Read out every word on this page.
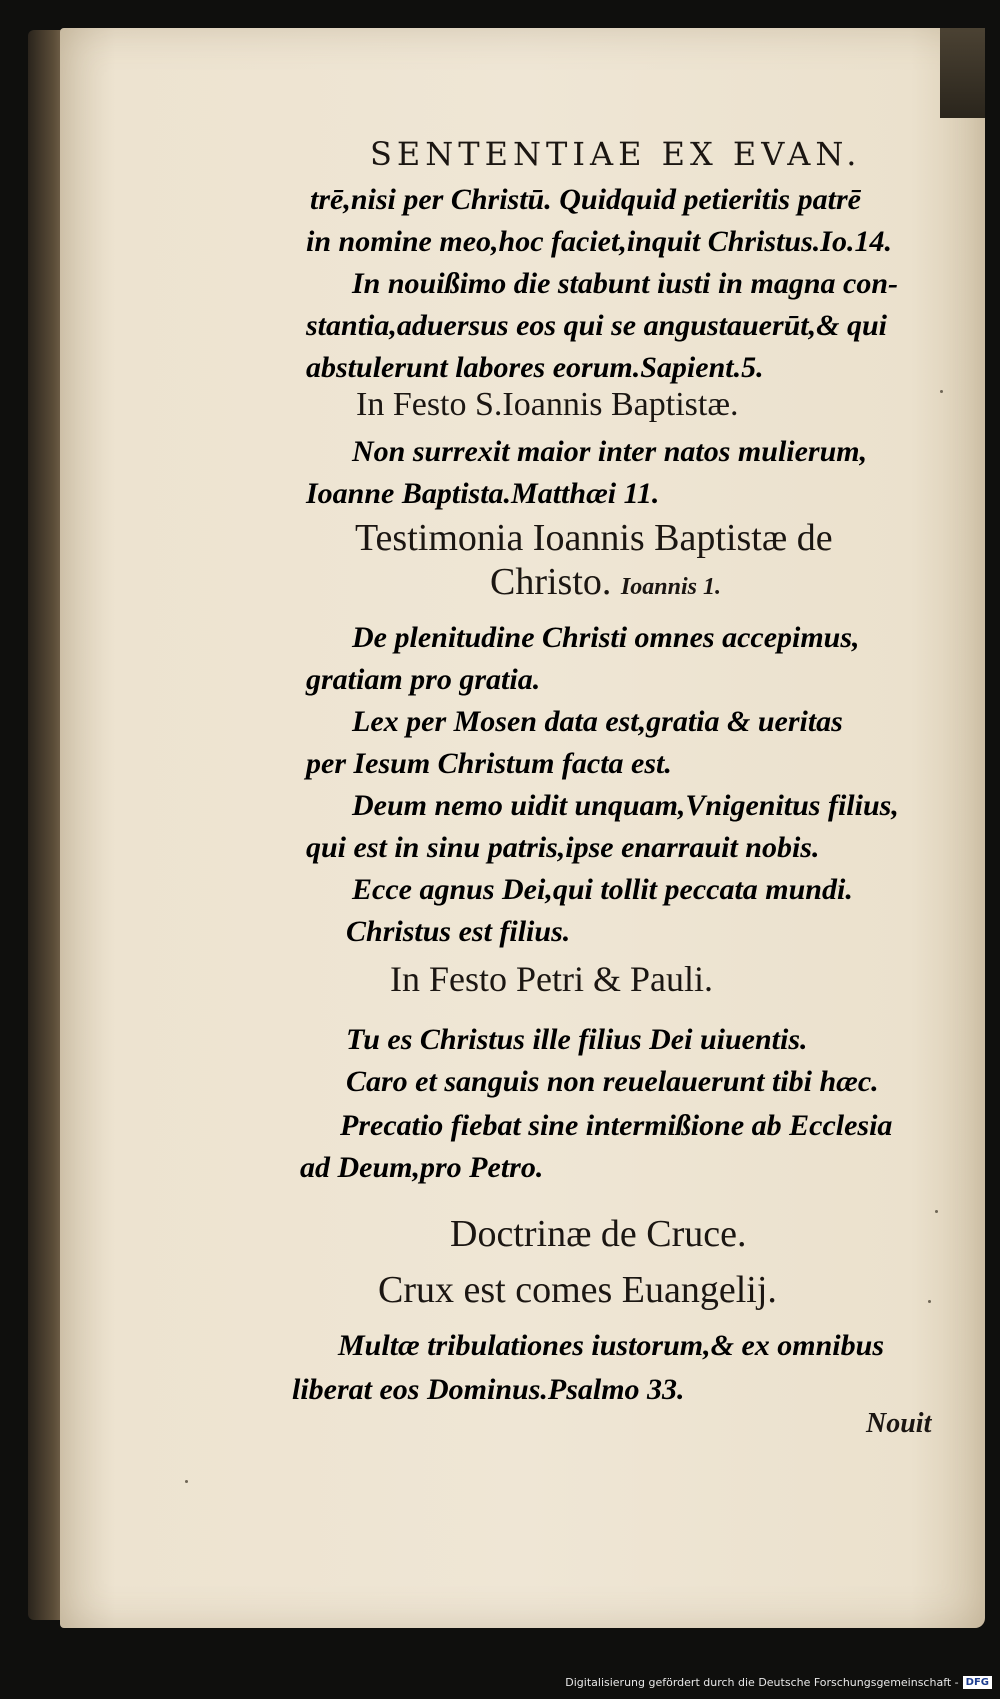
SENTENTIAE EX EVAN.
trē,nisi per Christū. Quidquid petieritis patrē
in nomine meo,hoc faciet,inquit Christus.Io.14.
In nouißimo die stabunt iusti in magna con-
stantia,aduersus eos qui se angustauerūt,& qui
abstulerunt labores eorum.Sapient.5.
In Festo S.Ioannis Baptistæ.
Non surrexit maior inter natos mulierum,
Ioanne Baptista.Matthæi 11.
Testimonia Ioannis Baptistæ de
Christo. Ioannis 1.
De plenitudine Christi omnes accepimus,
gratiam pro gratia.
Lex per Mosen data est,gratia & ueritas
per Iesum Christum facta est.
Deum nemo uidit unquam,Vnigenitus filius,
qui est in sinu patris,ipse enarrauit nobis.
Ecce agnus Dei,qui tollit peccata mundi.
Christus est filius.
In Festo Petri & Pauli.
Tu es Christus ille filius Dei uiuentis.
Caro et sanguis non reuelauerunt tibi hæc.
Precatio fiebat sine intermißione ab Ecclesia
ad Deum,pro Petro.
Doctrinæ de Cruce.
Crux est comes Euangelij.
Multæ tribulationes iustorum,& ex omnibus
liberat eos Dominus.Psalmo 33.
Nouit
Digitalisierung gefördert durch die Deutsche Forschungsgemeinschaft - DFG
